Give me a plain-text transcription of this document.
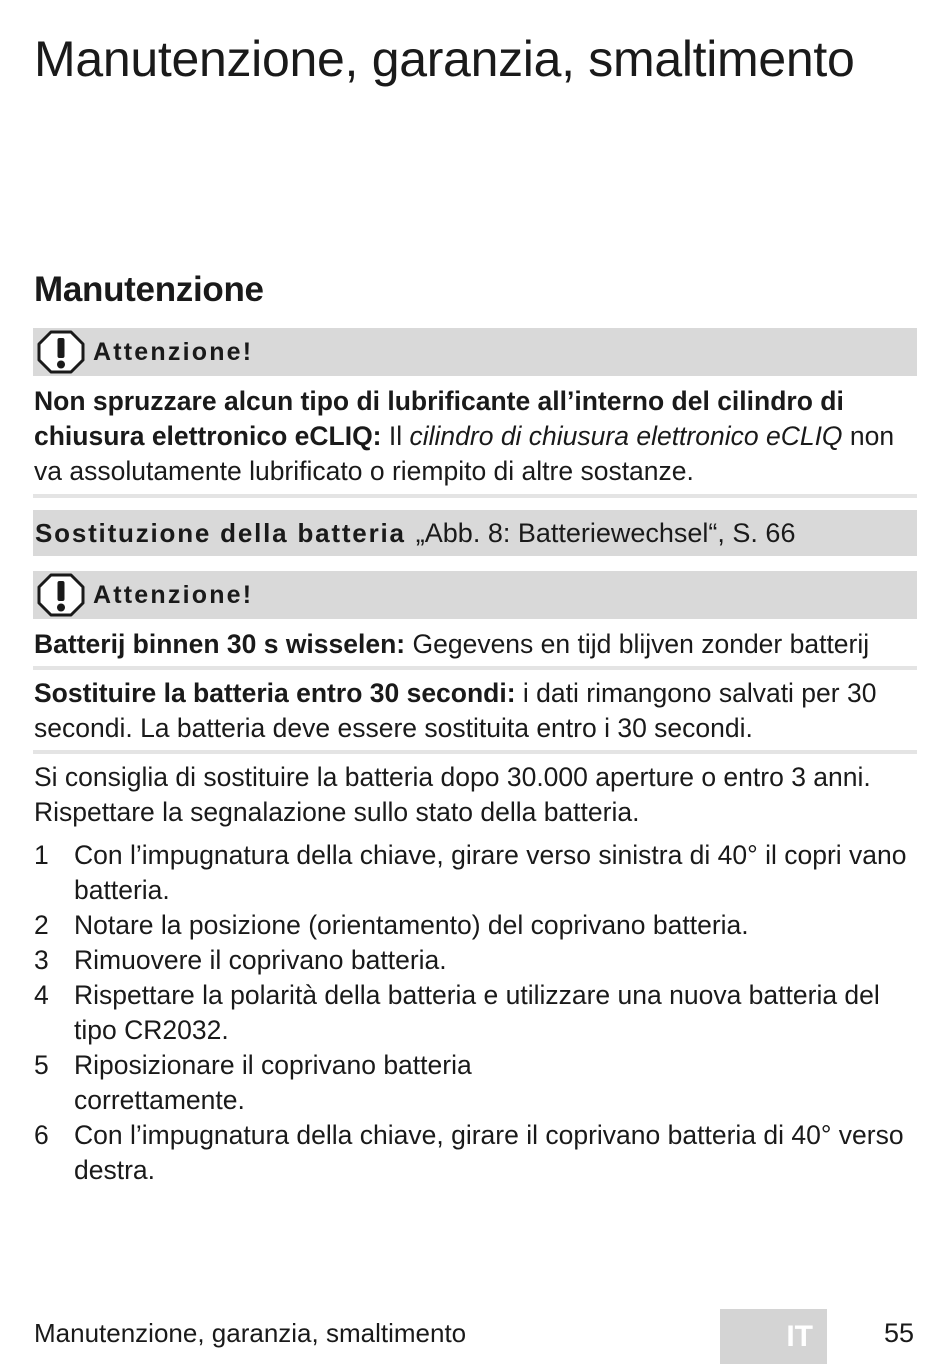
Manutenzione, garanzia, smaltimento
Manutenzione
Attenzione!

Non spruzzare alcun tipo di lubrificante all’interno del cilindro di chiusura elettronico eCLIQ: Il cilindro di chiusura elettronico eCLIQ non va assolutamente lubrificato o riempito di altre sostanze.

Sostituzione della batteria „Abb. 8: Batteriewechsel“, S. 66
Attenzione!

Batterij binnen 30 s wisselen: Gegevens en tijd blijven zonder batterij

Sostituire la batteria entro 30 secondi: i dati rimangono salvati per 30 secondi. La batteria deve essere sostituita entro i 30 secondi.

Si consiglia di sostituire la batteria dopo 30.000 aperture o entro 3 anni. Rispettare la segnalazione sullo stato della batteria.

1 Con l’impugnatura della chiave, girare verso sinistra di 40° il copri vano batteria.
2 Notare la posizione (orientamento) del coprivano batteria.
3 Rimuovere il coprivano batteria.
4 Rispettare la polarità della batteria e utilizzare una nuova batteria del tipo CR2032.
5 Riposizionare il coprivano batteria correttamente.
6 Con l’impugnatura della chiave, girare il coprivano batteria di 40° verso destra.
Manutenzione, garanzia, smaltimento	IT	55
